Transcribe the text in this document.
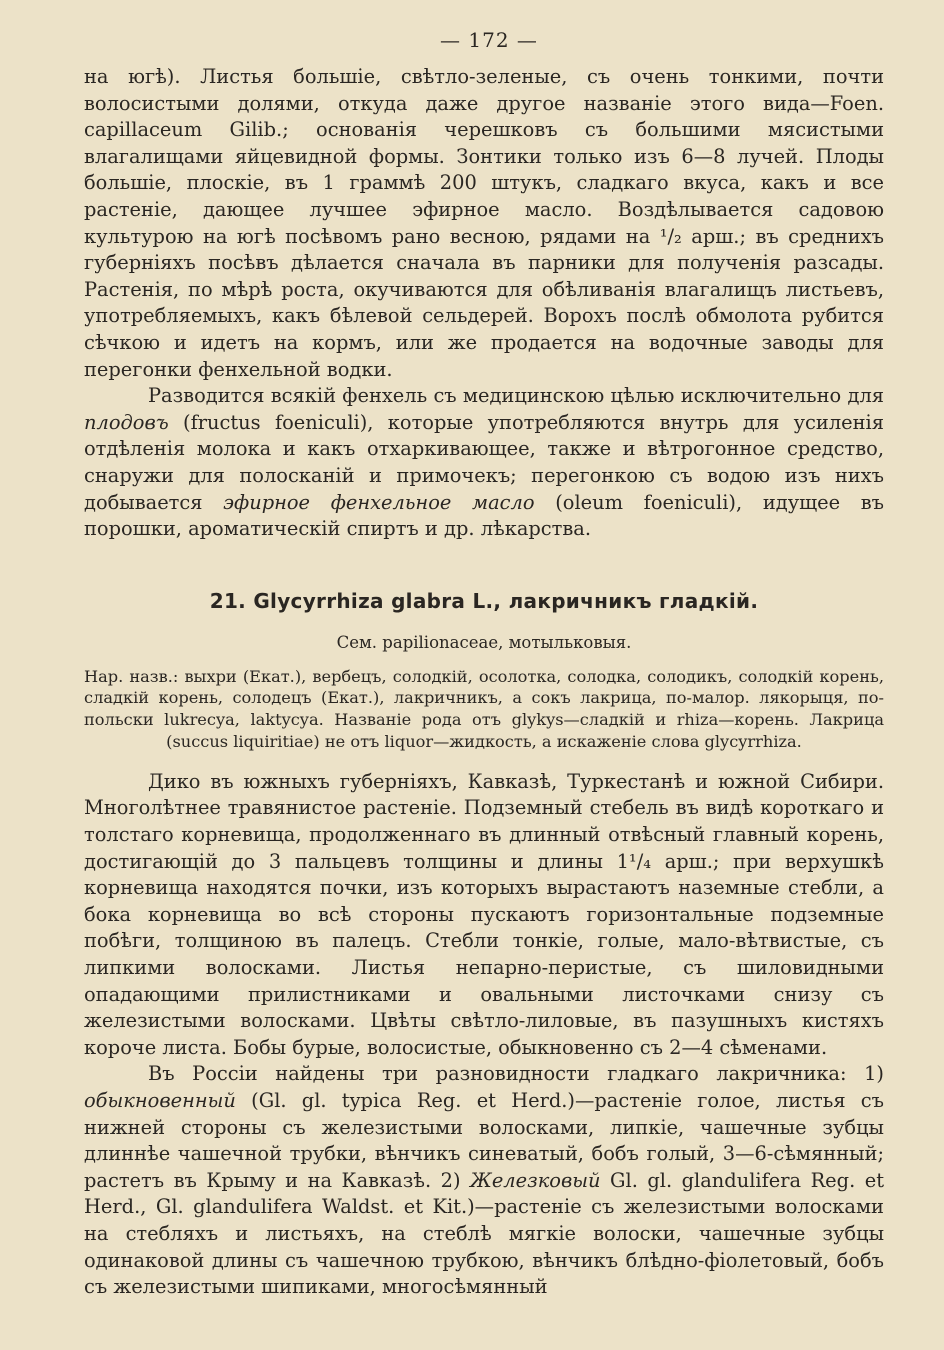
— 172 —

на югѣ). Листья большіе, свѣтло-зеленые, съ очень тонкими, почти волосистыми долями, откуда даже другое названіе этого вида—Foen. capillaceum Gilib.; основанія черешковъ съ большими мясистыми влагалищами яйцевидной формы. Зонтики только изъ 6—8 лучей. Плоды большіе, плоскіе, въ 1 граммѣ 200 штукъ, сладкаго вкуса, какъ и все растеніе, дающее лучшее эфирное масло. Воздѣлывается садовою культурою на югѣ посѣвомъ рано весною, рядами на ¹/₂ арш.; въ среднихъ губерніяхъ посѣвъ дѣлается сначала въ парники для полученія разсады. Растенія, по мѣрѣ роста, окучиваются для обѣливанія влагалищъ листьевъ, употребляемыхъ, какъ бѣлевой сельдерей. Ворохъ послѣ обмолота рубится сѣчкою и идетъ на кормъ, или же продается на водочные заводы для перегонки фенхельной водки.

Разводится всякій фенхель съ медицинскою цѣлью исключительно для плодовъ (fructus foeniculi), которые употребляются внутрь для усиленія отдѣленія молока и какъ отхаркивающее, также и вѣтрогонное средство, снаружи для полосканій и примочекъ; перегонкою съ водою изъ нихъ добывается эфирное фенхельное масло (oleum foeniculi), идущее въ порошки, ароматическій спиртъ и др. лѣкарства.

21. Glycyrrhiza glabra L., лакричникъ гладкій.
Сем. papilionaceae, мотыльковыя.

Нар. назв.: выхри (Екат.), вербецъ, солодкій, осолотка, солодка, солодикъ, солодкій корень, сладкій корень, солодецъ (Екат.), лакричникъ, а сокъ лакрица, по-малор. лякорыця, по-польски lukrecya, laktycya. Названіе рода отъ glykys—сладкій и rhiza—корень. Лакрица (succus liquiritiae) не отъ liquor—жидкость, а искаженіе слова glycyrrhiza.

Дико въ южныхъ губерніяхъ, Кавказѣ, Туркестанѣ и южной Сибири. Многолѣтнее травянистое растеніе. Подземный стебель въ видѣ короткаго и толстаго корневища, продолженнаго въ длинный отвѣсный главный корень, достигающій до 3 пальцевъ толщины и длины 1¹/₄ арш.; при верхушкѣ корневища находятся почки, изъ которыхъ вырастаютъ наземные стебли, а бока корневища во всѣ стороны пускаютъ горизонтальные подземные побѣги, толщиною въ палецъ. Стебли тонкіе, голые, мало-вѣтвистые, съ липкими волосками. Листья непарно-перистые, съ шиловидными опадающими прилистниками и овальными листочками снизу съ железистыми волосками. Цвѣты свѣтло-лиловые, въ пазушныхъ кистяхъ короче листа. Бобы бурые, волосистые, обыкновенно съ 2—4 сѣменами.

Въ Россіи найдены три разновидности гладкаго лакричника: 1) обыкновенный (Gl. gl. typica Reg. et Herd.)—растеніе голое, листья съ нижней стороны съ железистыми волосками, липкіе, чашечные зубцы длиннѣе чашечной трубки, вѣнчикъ синеватый, бобъ голый, 3—6-сѣмянный; растетъ въ Крыму и на Кавказѣ. 2) Железковый Gl. gl. glandulifera Reg. et Herd., Gl. glandulifera Waldst. et Kit.)—растеніе съ железистыми волосками на стебляхъ и листьяхъ, на стеблѣ мягкіе волоски, чашечные зубцы одинаковой длины съ чашечною трубкою, вѣнчикъ блѣдно-фіолетовый, бобъ съ железистыми шипиками, многосѣмянный
